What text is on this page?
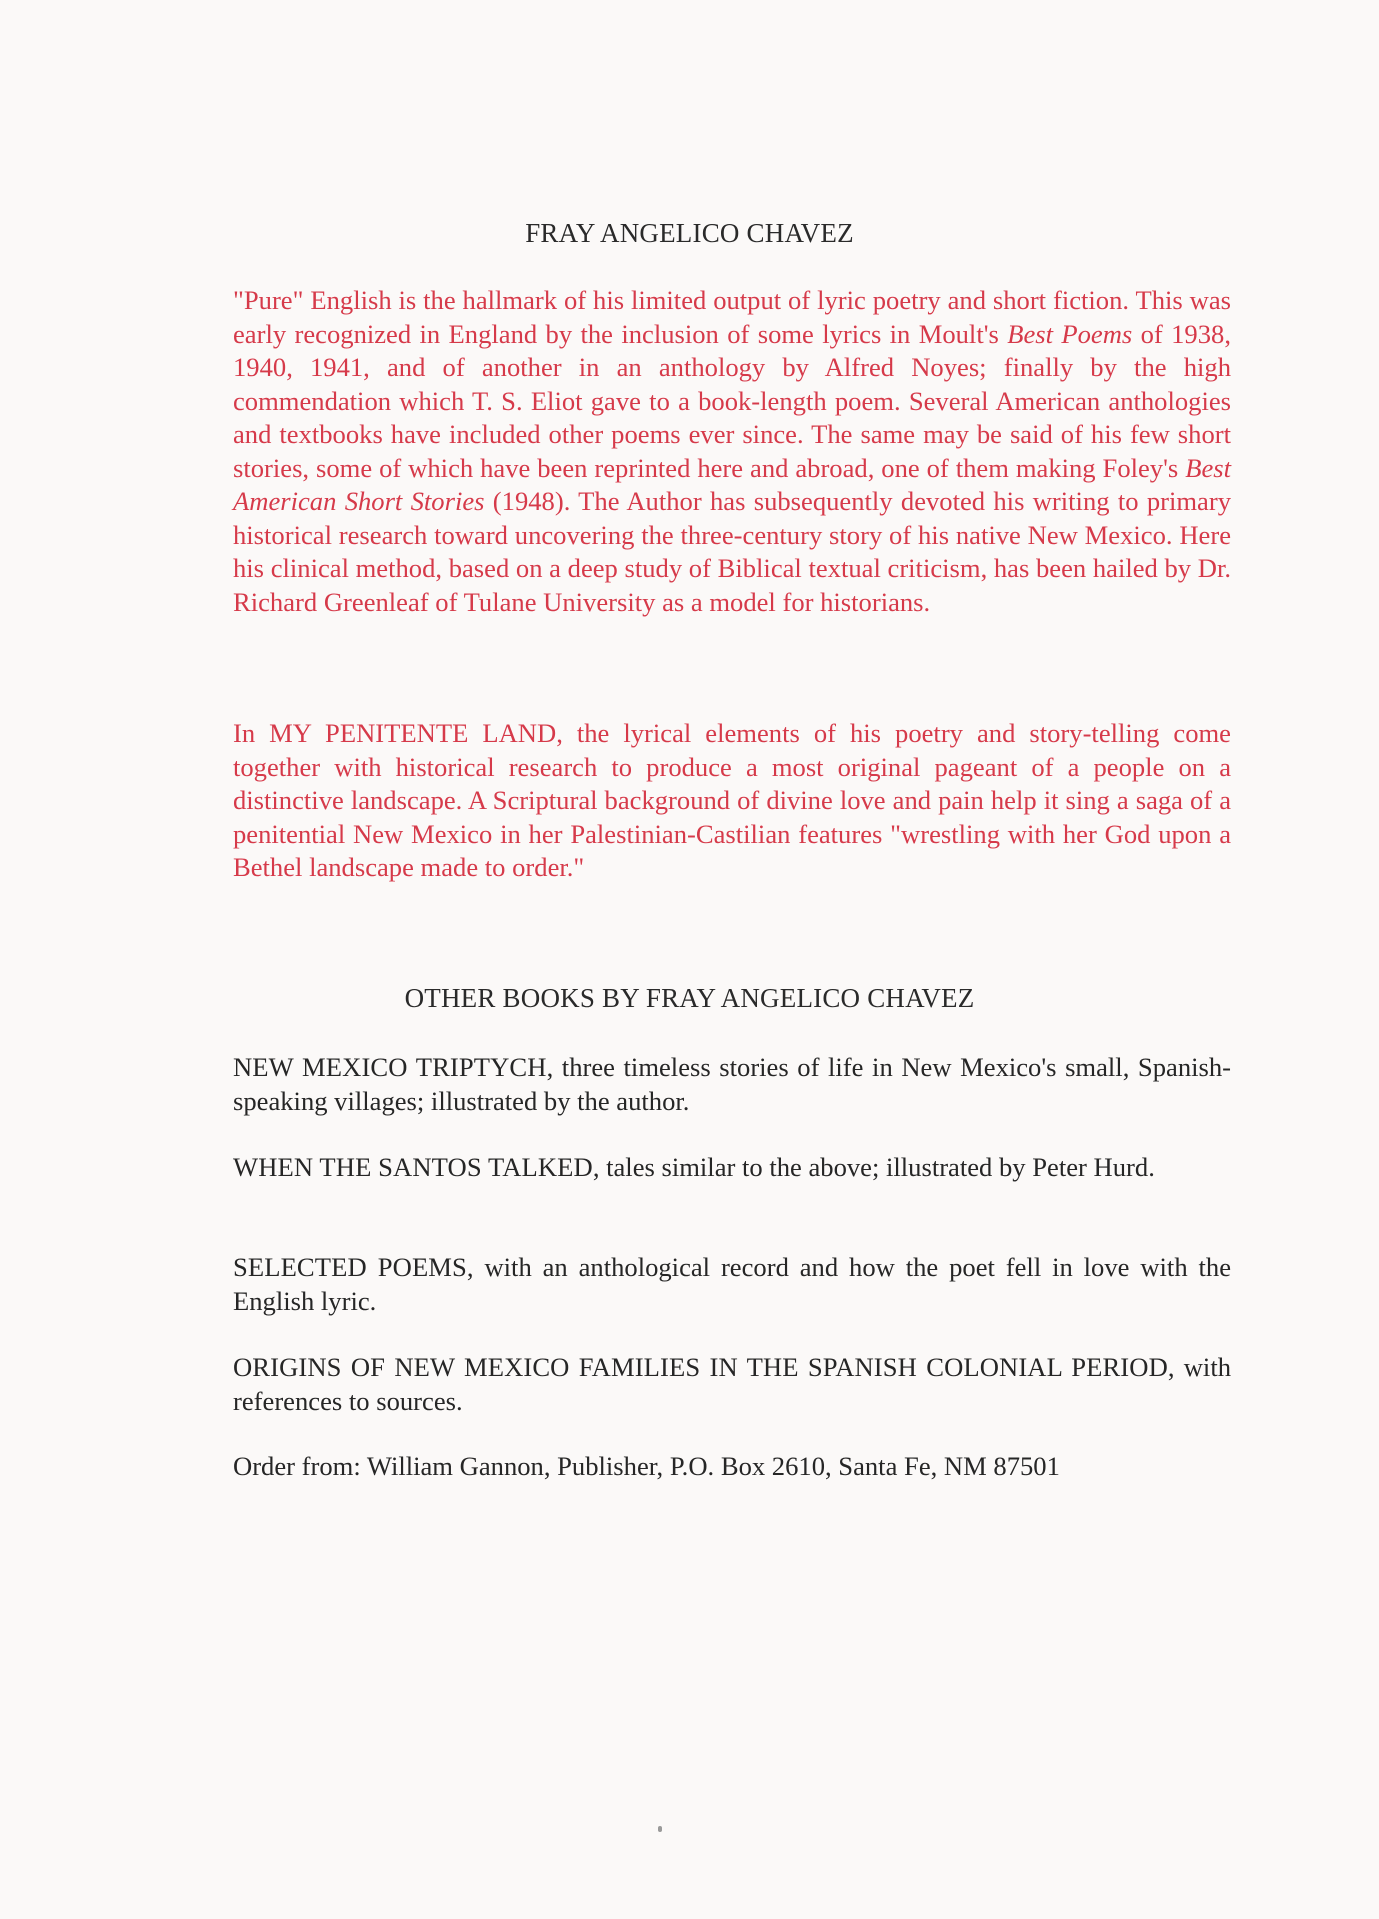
FRAY ANGELICO CHAVEZ

"Pure" English is the hallmark of his limited output of lyric poetry and short fiction. This was early recognized in England by the inclusion of some lyrics in Moult's Best Poems of 1938, 1940, 1941, and of another in an anthology by Alfred Noyes; finally by the high commendation which T. S. Eliot gave to a book-length poem. Several American anthologies and textbooks have included other poems ever since. The same may be said of his few short stories, some of which have been reprinted here and abroad, one of them making Foley's Best American Short Stories (1948). The Author has subsequently devoted his writing to primary historical research toward uncovering the three-century story of his native New Mexico. Here his clinical method, based on a deep study of Biblical textual criticism, has been hailed by Dr. Richard Greenleaf of Tulane University as a model for historians.

In MY PENITENTE LAND, the lyrical elements of his poetry and story-telling come together with historical research to produce a most original pageant of a people on a distinctive landscape. A Scriptural background of divine love and pain help it sing a saga of a penitential New Mexico in her Palestinian-Castilian features "wrestling with her God upon a Bethel landscape made to order."

OTHER BOOKS BY FRAY ANGELICO CHAVEZ

NEW MEXICO TRIPTYCH, three timeless stories of life in New Mexico's small, Spanish-speaking villages; illustrated by the author.

WHEN THE SANTOS TALKED, tales similar to the above; illustrated by Peter Hurd.

SELECTED POEMS, with an anthological record and how the poet fell in love with the English lyric.

ORIGINS OF NEW MEXICO FAMILIES IN THE SPANISH COLONIAL PERIOD, with references to sources.

Order from: William Gannon, Publisher, P.O. Box 2610, Santa Fe, NM 87501
